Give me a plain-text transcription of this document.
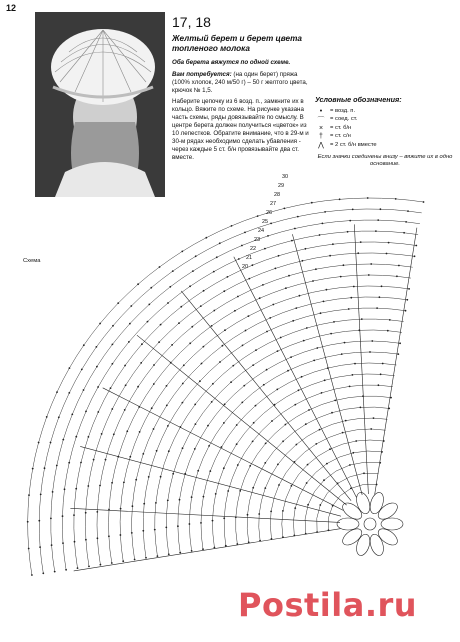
12
17, 18
Желтый берет и берет цвета топленого молока
Оба берета вяжутся по одной схеме.

Вам потребуется: (на один берет) пряжа (100% хлопок, 240 м/50 г) – 50 г желтого цвета, крючок № 1,5.

Наберите цепочку из 6 возд. п., замкните их в кольцо. Вяжите по схеме. На рисунке указана часть схемы, ряды довязывайте по смыслу. В центре берета должен получиться «цветок» из 10 лепестков. Обратите внимание, что в 29-м и 30-м рядах необходимо сделать убавления - через каждые 5 ст. б/н провязывайте два ст. вместе.

Условные обозначения:
•	= возд. п.
⌒ = соед. ст.
×	= ст. б/н
†	= ст. с/н
⋀	= 2 ст. б/н вместе
Если значки соединены внизу – вяжите их в одно основание.
Схема
30
29
28
27
26
25
24
23
22
21
20
Postila.ru
